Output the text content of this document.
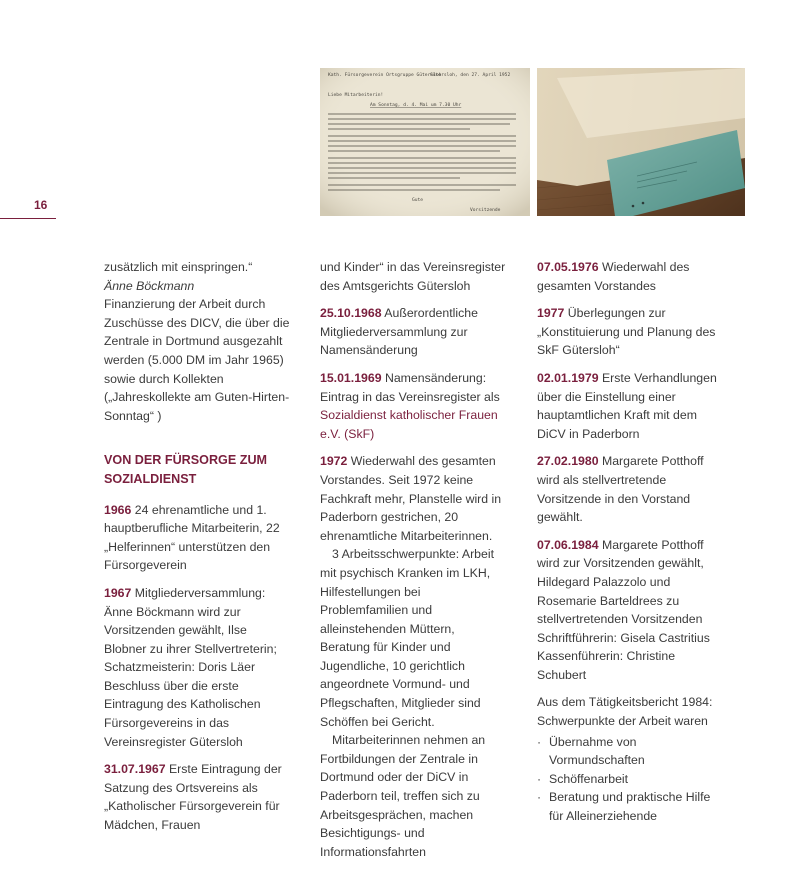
16
Kath. Fürsorgeverein Ortsgruppe Gütersloh
Gütersloh, den 27. April 1952
Liebe Mitarbeiterin!
Am Sonntag, d. 4. Mai um 7.30 Uhr
Gute
Vorsitzende

zusätzlich mit einspringen.“

Änne Böckmann

Finanzierung der Arbeit durch Zuschüsse des DICV, die über die Zentrale in Dortmund ausgezahlt werden (5.000 DM im Jahr 1965) sowie durch Kollekten („Jahreskollekte am Guten-Hirten-Sonntag“ )

VON DER FÜRSORGE ZUM SOZIALDIENST

1966 24 ehrenamtliche und 1. hauptberufliche Mitarbeiterin, 22 „Helferinnen“ unterstützen den Fürsorgeverein

1967 Mitgliederversammlung: Änne Böckmann wird zur Vorsitzenden gewählt, Ilse Blobner zu ihrer Stellvertreterin; Schatzmeisterin: Doris Läer Beschluss über die erste Eintragung des Katholischen Fürsorgevereins in das Vereinsregister Gütersloh

31.07.1967 Erste Eintragung der Satzung des Ortsvereins als „Katholischer Fürsorgeverein für Mädchen, Frauen

und Kinder“ in das Vereinsregister des Amtsgerichts Gütersloh

25.10.1968 Außerordentliche Mitgliederversammlung zur Namensänderung

15.01.1969 Namensänderung: Eintrag in das Vereinsregister als Sozialdienst katholischer Frauen e.V. (SkF)

1972 Wiederwahl des gesamten Vorstandes. Seit 1972 keine Fachkraft mehr, Planstelle wird in Paderborn gestrichen, 20 ehrenamtliche Mitarbeiterinnen.

3 Arbeitsschwerpunkte: Arbeit mit psychisch Kranken im LKH, Hilfestellungen bei Problemfamilien und alleinstehenden Müttern, Beratung für Kinder und Jugendliche, 10 gerichtlich angeordnete Vormund- und Pflegschaften, Mitglieder sind Schöffen bei Gericht.

Mitarbeiterinnen nehmen an Fortbildungen der Zentrale in Dortmund oder der DiCV in Paderborn teil, treffen sich zu Arbeitsgesprächen, machen Besichtigungs- und Informationsfahrten

07.05.1976 Wiederwahl des gesamten Vorstandes

1977 Überlegungen zur „Konstituierung und Planung des SkF Gütersloh“

02.01.1979 Erste Verhandlungen über die Einstellung einer hauptamtlichen Kraft mit dem DiCV in Paderborn

27.02.1980 Margarete Potthoff wird als stellvertretende Vorsitzende in den Vorstand gewählt.

07.06.1984 Margarete Potthoff wird zur Vorsitzenden gewählt, Hildegard Palazzolo und Rosemarie Barteldrees zu stellvertretenden Vorsitzenden Schriftführerin: Gisela Castritius Kassenführerin: Christine Schubert

Aus dem Tätigkeitsbericht 1984: Schwerpunkte der Arbeit waren

· Übernahme von Vormundschaften
· Schöffenarbeit
· Beratung und praktische Hilfe für Alleinerziehende
